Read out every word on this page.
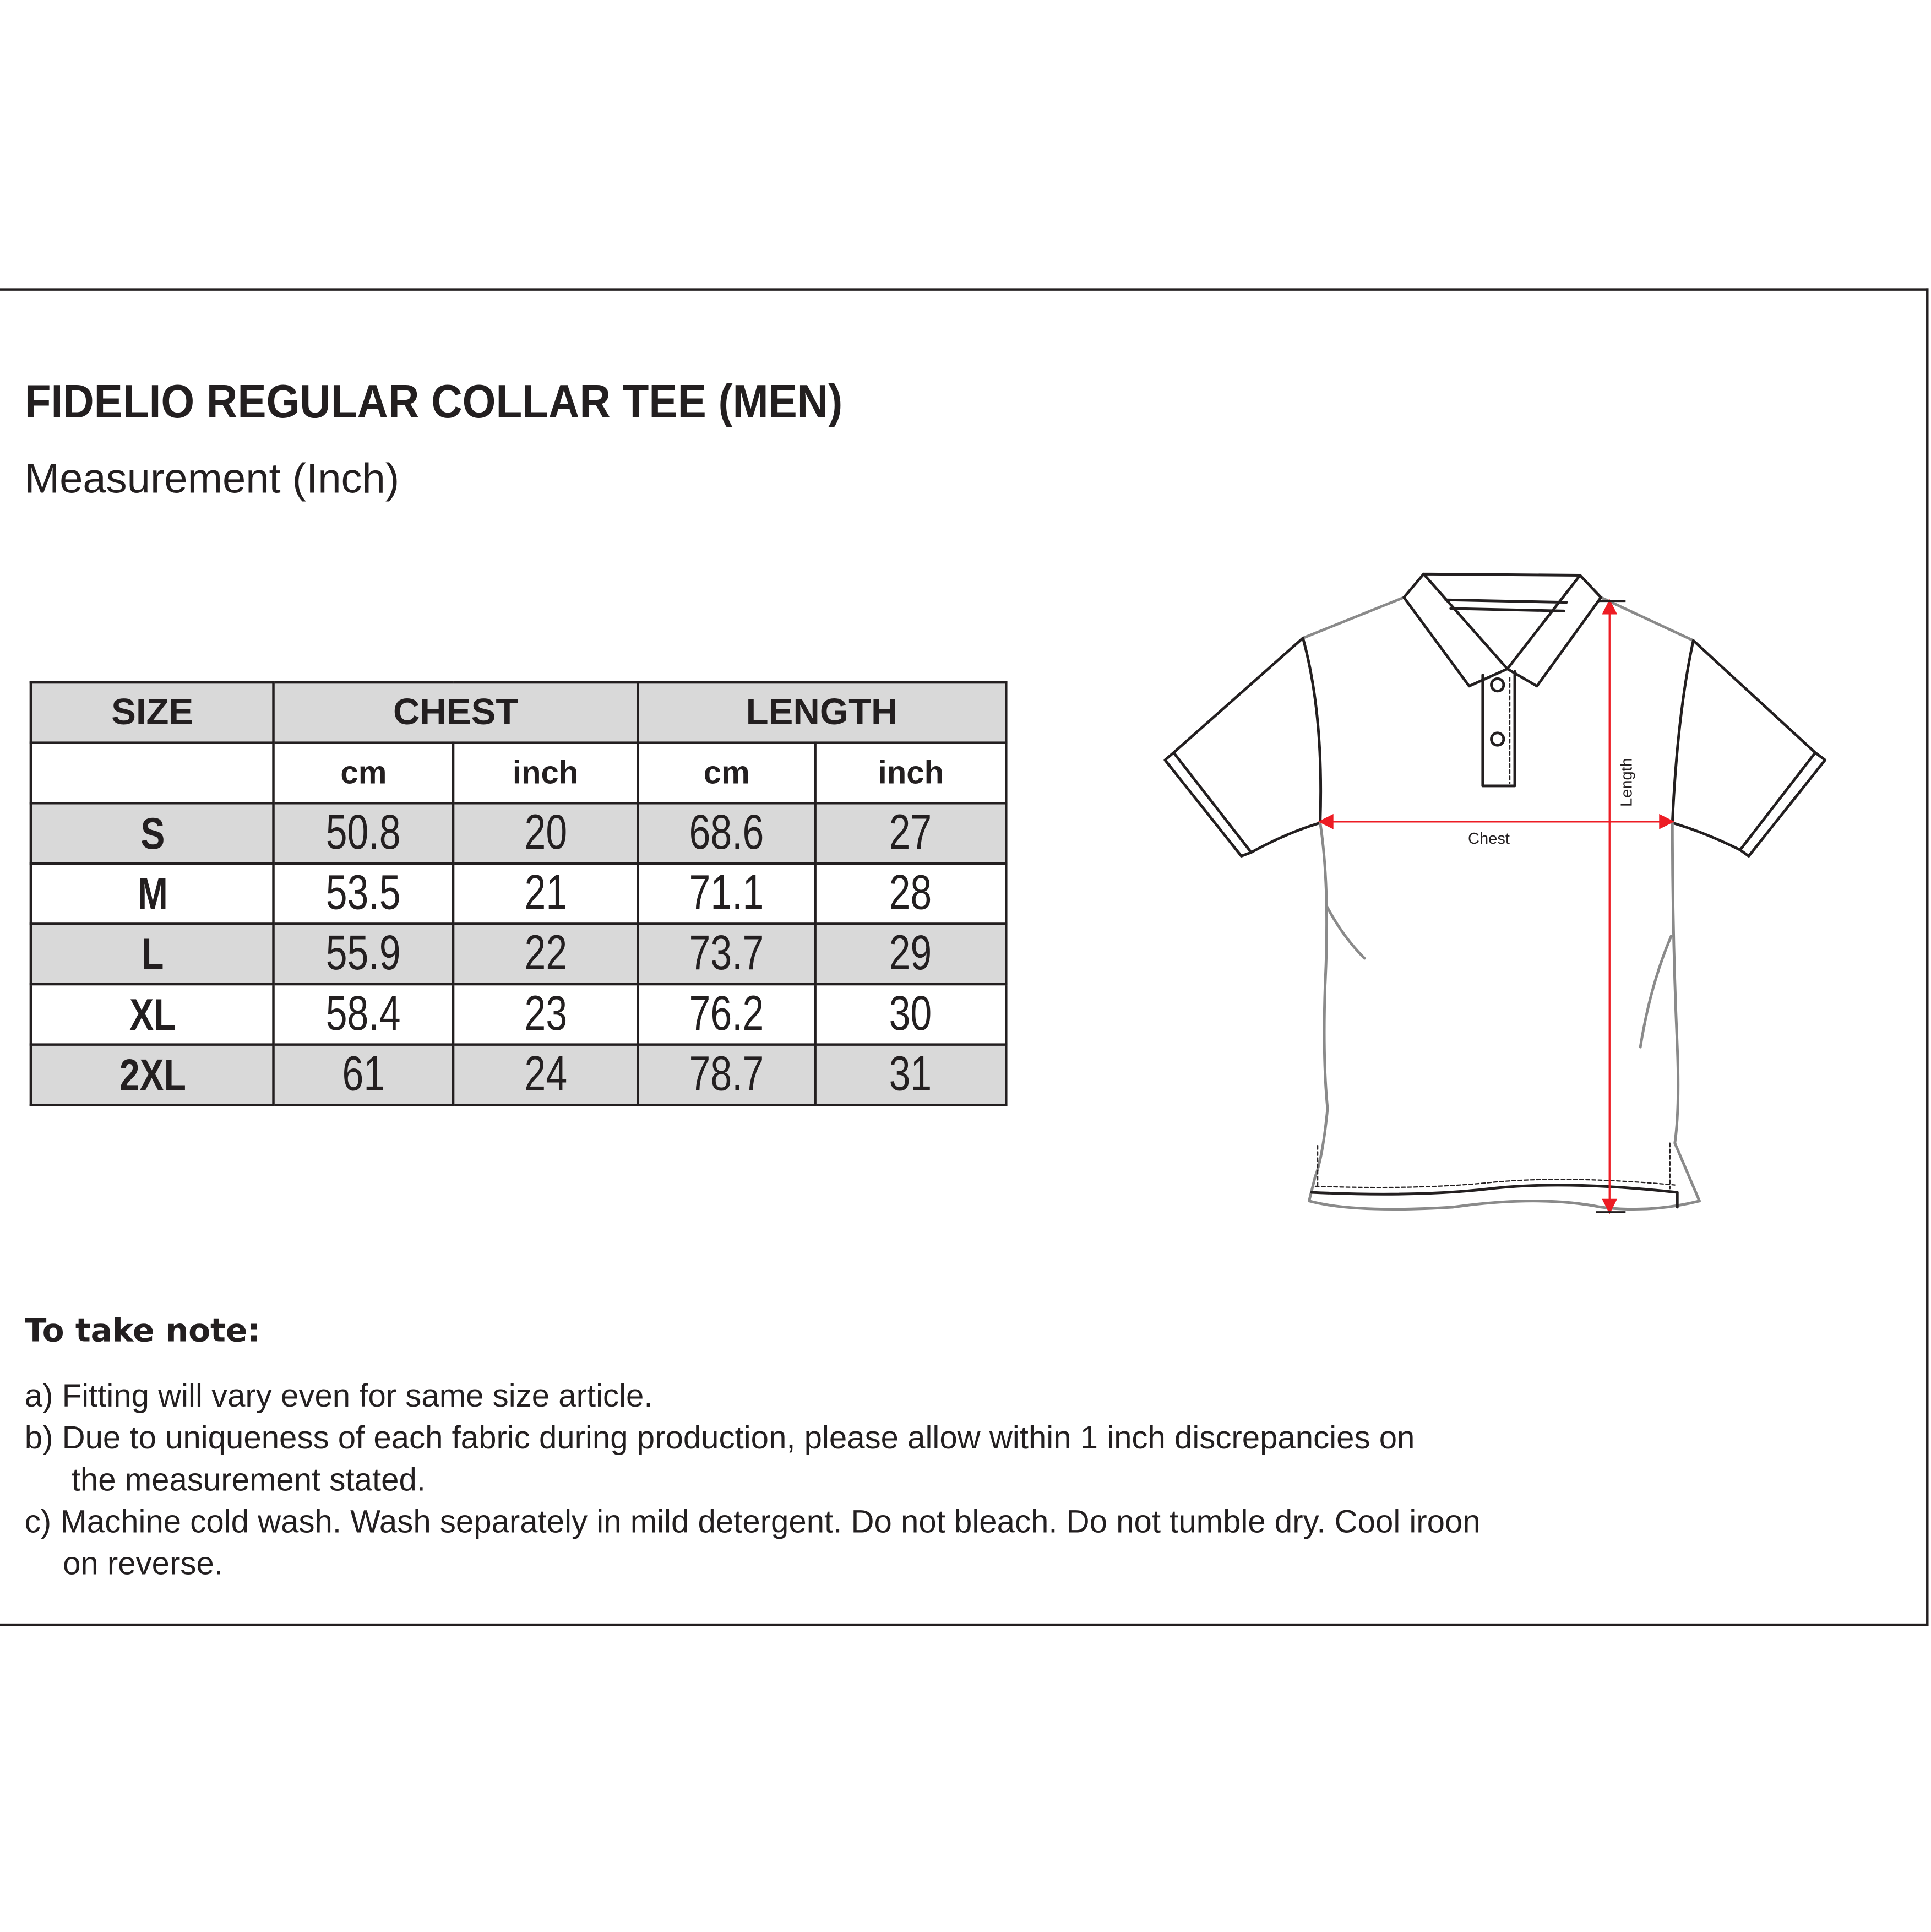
FIDELIO REGULAR COLLAR TEE (MEN)
Measurement (Inch)
SIZE	CHEST		LENGTH	
	cm	inch	cm	inch
S	50.8	20	68.6	27
M	53.5	21	71.1	28
L	55.9	22	73.7	29
XL	58.4	23	76.2	30
2XL	61	24	78.7	31
Chest
Length
To take note:
a) Fitting will vary even for same size article.
b) Due to uniqueness of each fabric during production, please allow within 1 inch discrepancies on
the measurement stated.
c) Machine cold wash. Wash separately in mild detergent. Do not bleach. Do not tumble dry. Cool iroon
on reverse.
